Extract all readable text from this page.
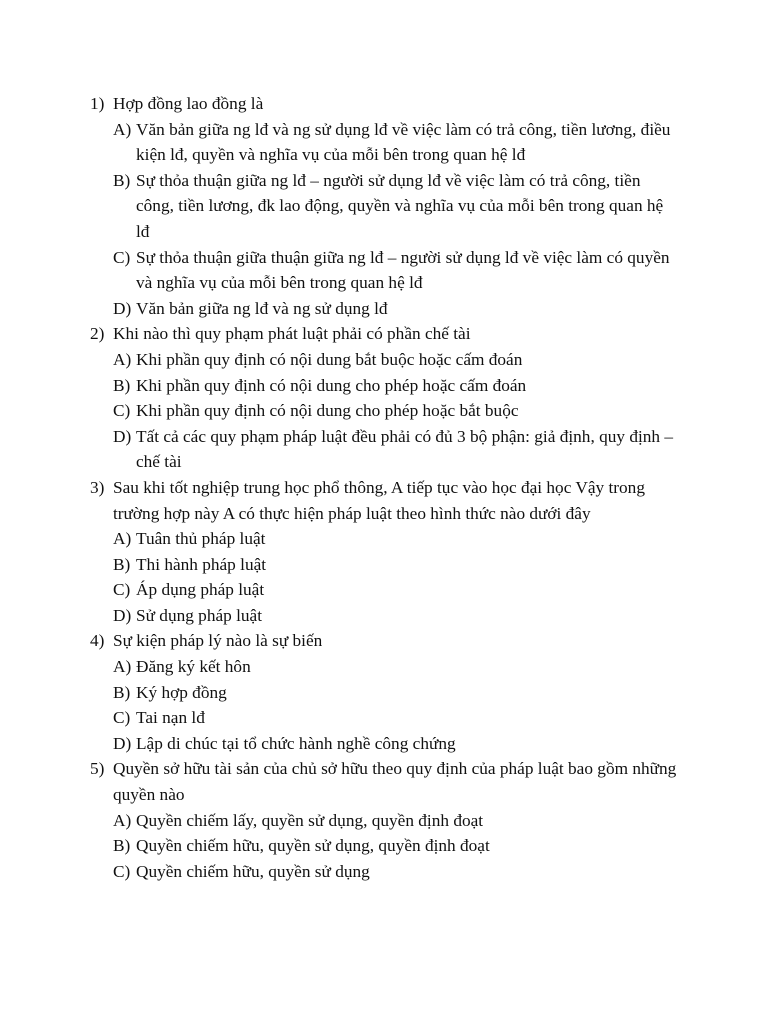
1) Hợp đồng lao đồng là
A) Văn bản giữa ng lđ và ng sử dụng lđ về việc làm có trả công, tiền lương, điều kiện lđ, quyền và nghĩa vụ của mỗi bên trong quan hệ lđ
B) Sự thỏa thuận giữa ng lđ – người sử dụng lđ về việc làm có trả công, tiền công, tiền lương, đk lao động, quyền và nghĩa vụ của mỗi bên trong quan hệ lđ
C) Sự thỏa thuận giữa thuận giữa ng lđ – người sử dụng lđ về việc làm có quyền và nghĩa vụ của mỗi bên trong quan hệ lđ
D) Văn bản giữa ng lđ và ng sử dụng lđ
2) Khi nào thì quy phạm phát luật phải có phần chế tài
A) Khi phần quy định có nội dung bắt buộc hoặc cấm đoán
B) Khi phần quy định có nội dung cho phép hoặc cấm đoán
C) Khi phần quy định có nội dung cho phép hoặc bắt buộc
D) Tất cả các quy phạm pháp luật đều phải có đủ 3 bộ phận: giả định, quy định – chế tài
3) Sau khi tốt nghiệp trung học phổ thông, A tiếp tục vào học đại học Vậy trong trường hợp này A có thực hiện pháp luật theo hình thức nào dưới đây
A) Tuân thủ pháp luật
B) Thi hành pháp luật
C) Áp dụng pháp luật
D) Sử dụng pháp luật
4) Sự kiện pháp lý nào là sự biến
A) Đăng ký kết hôn
B) Ký hợp đồng
C) Tai nạn lđ
D) Lập di chúc tại tổ chức hành nghề công chứng
5) Quyền sở hữu tài sản của chủ sở hữu theo quy định của pháp luật bao gồm những quyền nào
A) Quyền chiếm lấy, quyền sử dụng, quyền định đoạt
B) Quyền chiếm hữu, quyền sử dụng, quyền định đoạt
C) Quyền chiếm hữu, quyền sử dụng
